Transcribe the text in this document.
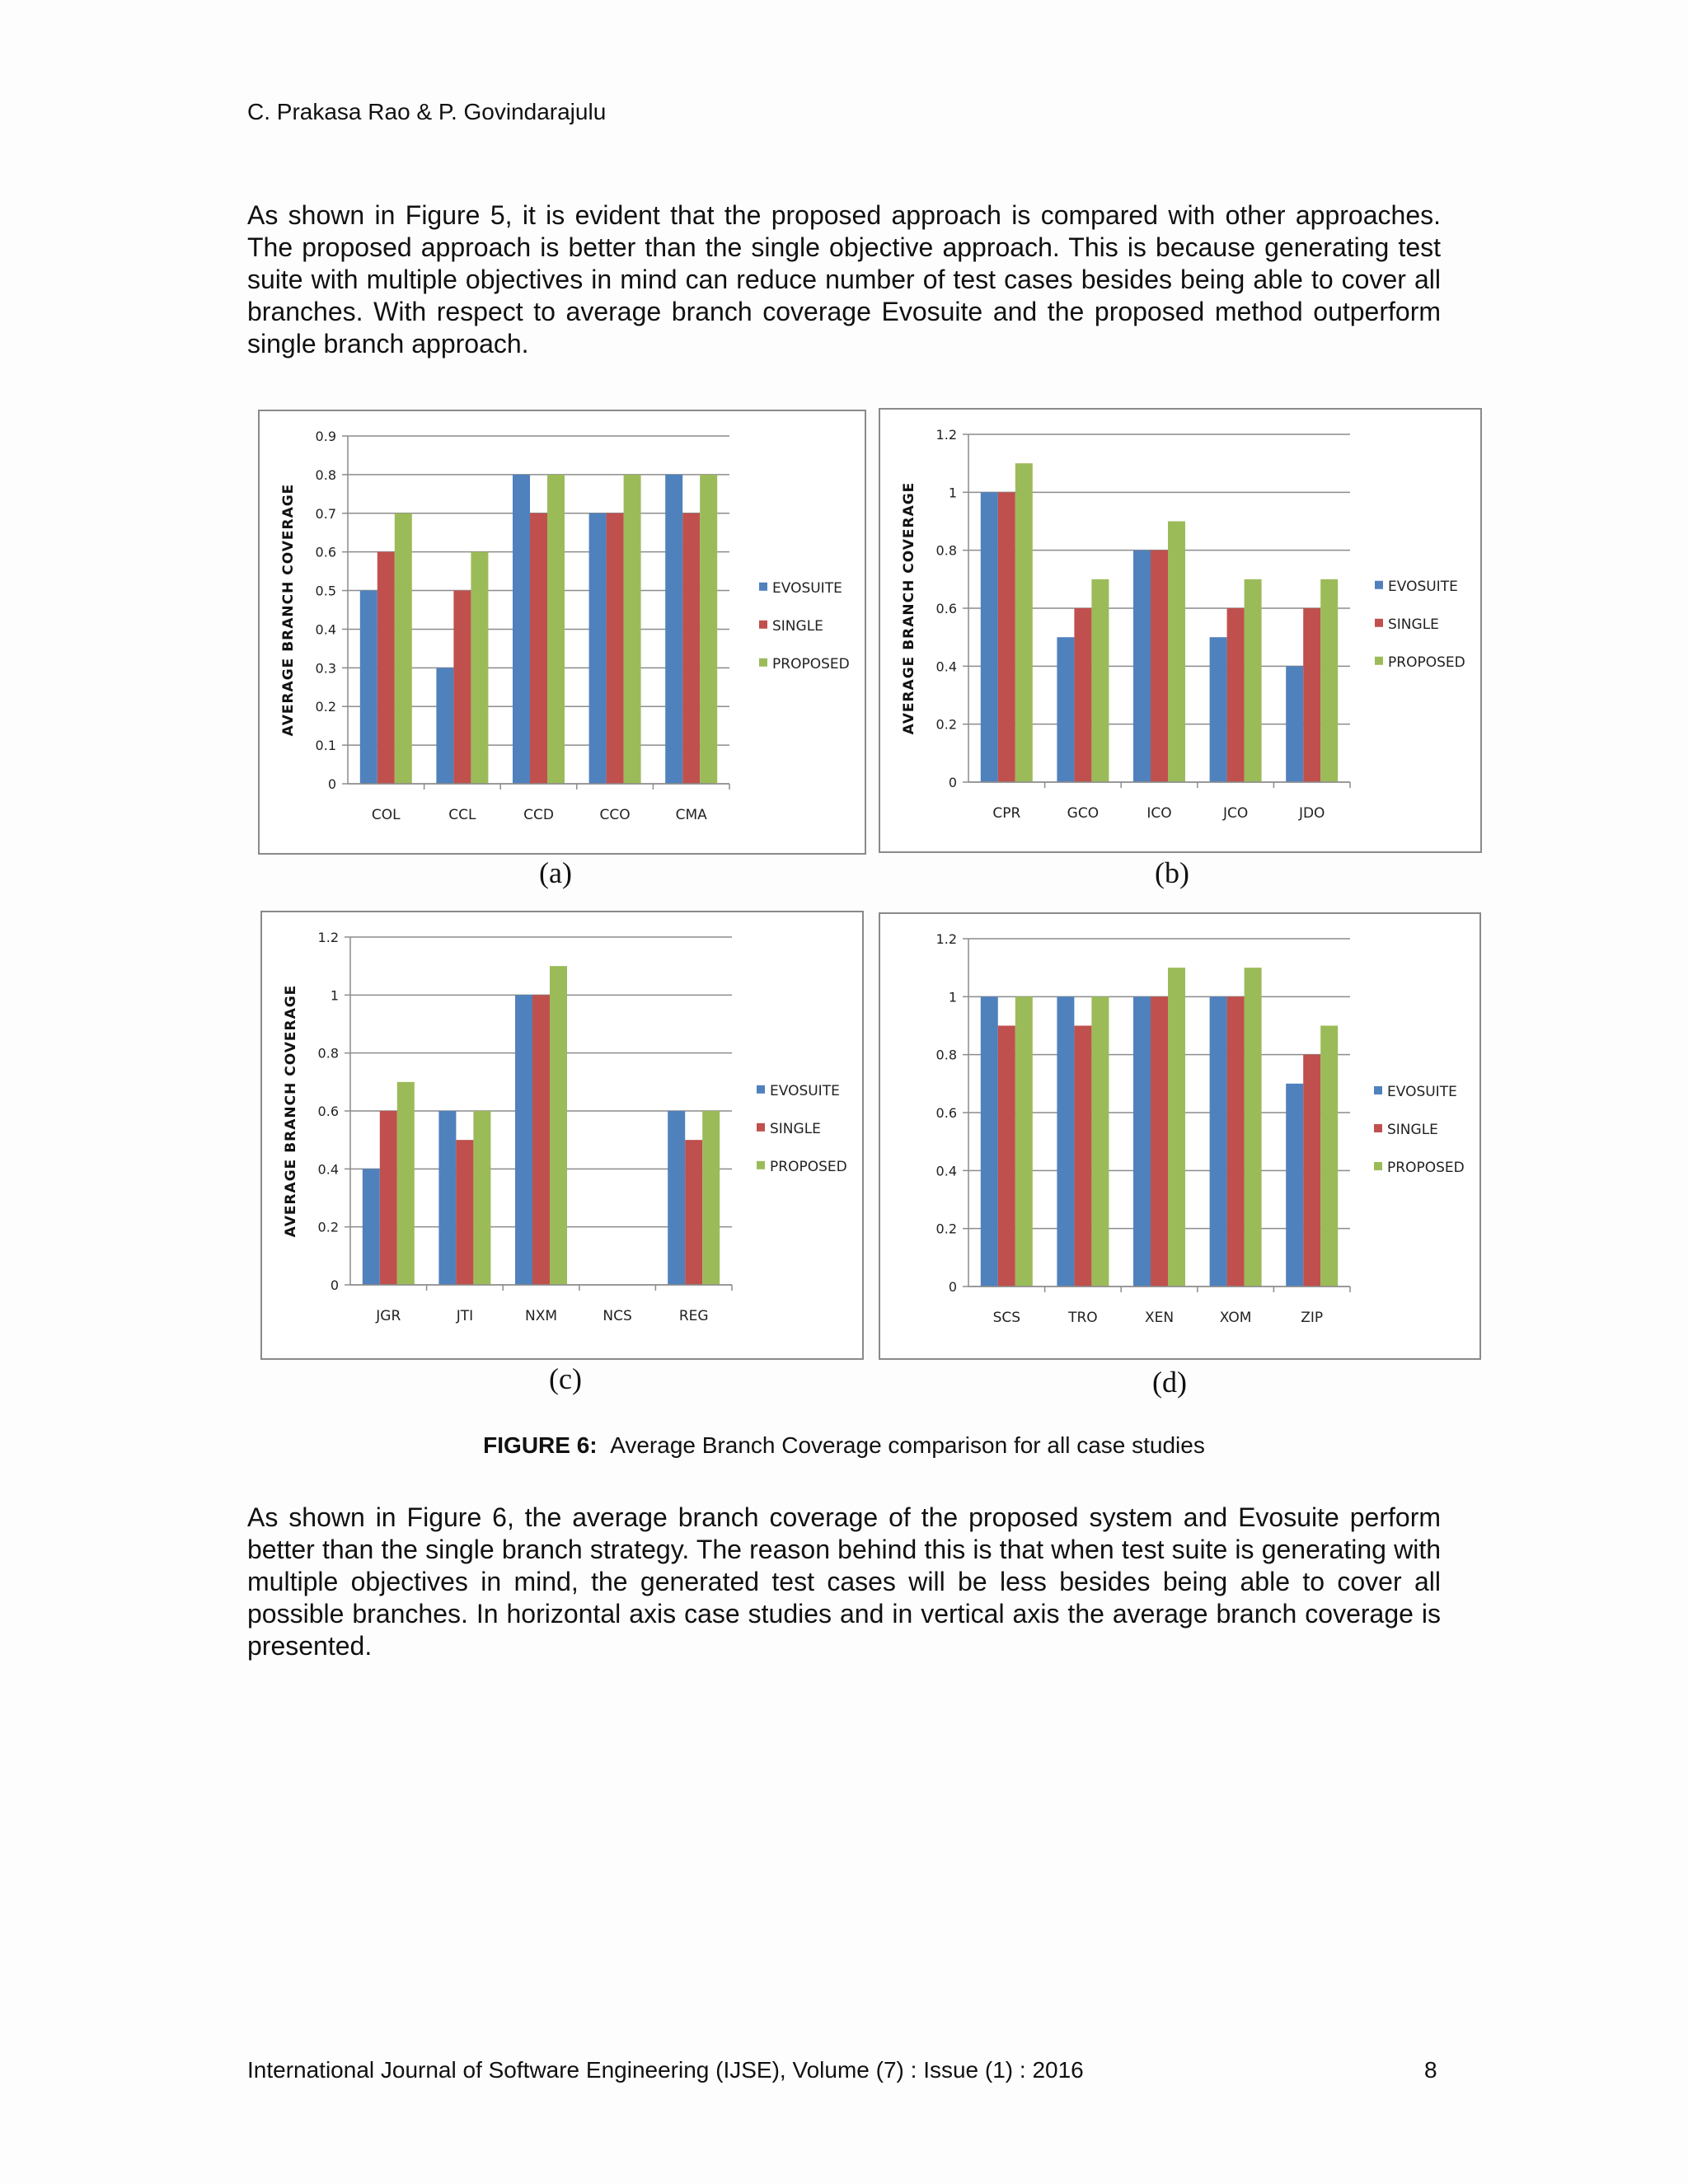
C. Prakasa Rao & P. Govindarajulu
As shown in Figure 5, it is evident that the proposed approach is compared with other approaches. The proposed approach is better than the single objective approach. This is because generating test suite with multiple objectives in mind can reduce number of test cases besides being able to cover all branches. With respect to average branch coverage Evosuite and the proposed method outperform single branch approach.
0
0.1
0.2
0.3
0.4
0.5
0.6
0.7
0.8
0.9
AVERAGE BRANCH COVERAGE
COL	CCL	CCD	CCO	CMA
EVOSUITE
SINGLE
PROPOSED
0
0.2
0.4
0.6
0.8
1
1.2
AVERAGE BRANCH COVERAGE
CPR	GCO	ICO	JCO	JDO
EVOSUITE
SINGLE
PROPOSED
0
0.2
0.4
0.6
0.8
1
1.2
AVERAGE BRANCH COVERAGE
JGR	JTI	NXM	NCS	REG
EVOSUITE
SINGLE
PROPOSED
0
0.2
0.4
0.6
0.8
1
1.2
SCS	TRO	XEN	XOM	ZIP
EVOSUITE
SINGLE
PROPOSED
(a)	(b)
(c)	(d)
FIGURE 6: Average Branch Coverage comparison for all case studies
As shown in Figure 6, the average branch coverage of the proposed system and Evosuite perform better than the single branch strategy. The reason behind this is that when test suite is generating with multiple objectives in mind, the generated test cases will be less besides being able to cover all possible branches. In horizontal axis case studies and in vertical axis the average branch coverage is presented.
International Journal of Software Engineering (IJSE), Volume (7) : Issue (1) : 2016	8
